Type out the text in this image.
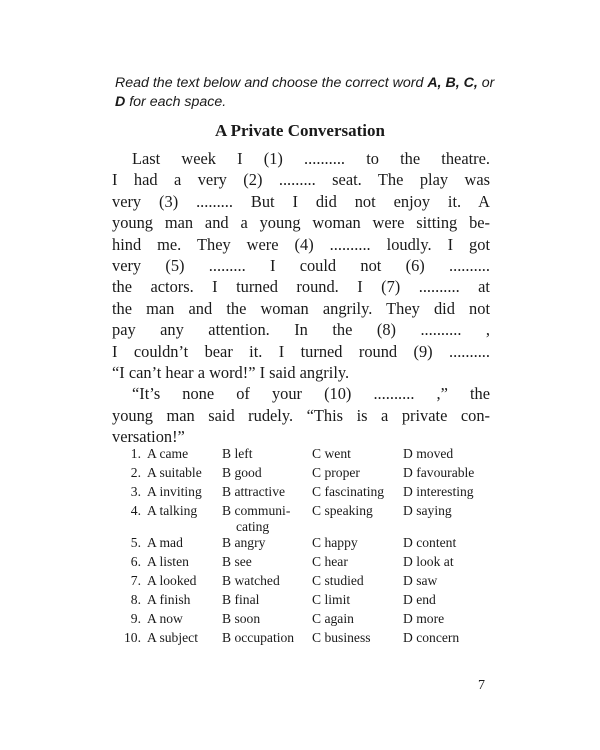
Read the text below and choose the correct word A, B, C, or D for each space.
A Private Conversation

Last week I (1) .......... to the theatre.
I had a very (2) ......... seat. The play was
very (3) ......... But I did not enjoy it. A
young man and a young woman were sitting be-
hind me. They were (4) .......... loudly. I got
very (5) ......... I could not (6) ..........
the actors. I turned round. I (7) .......... at
the man and the woman angrily. They did not
pay any attention. In the (8) .......... ,
I couldn’t bear it. I turned round (9) ..........
“I can’t hear a word!” I said angrily.

“It’s none of your (10) .......... ,” the
young man said rudely. “This is a private con-
versation!”

1.	A came	B left	C went	D moved
2.	A suitable	B good	C proper	D favourable
3.	A inviting	B attractive	C fascinating	D interesting
4.	A talking	B communi-
cating	C speaking	D saying
5.	A mad	B angry	C happy	D content
6.	A listen	B see	C hear	D look at
7.	A looked	B watched	C studied	D saw
8.	A finish	B final	C limit	D end
9.	A now	B soon	C again	D more
10.	A subject	B occupation	C business	D concern
7
